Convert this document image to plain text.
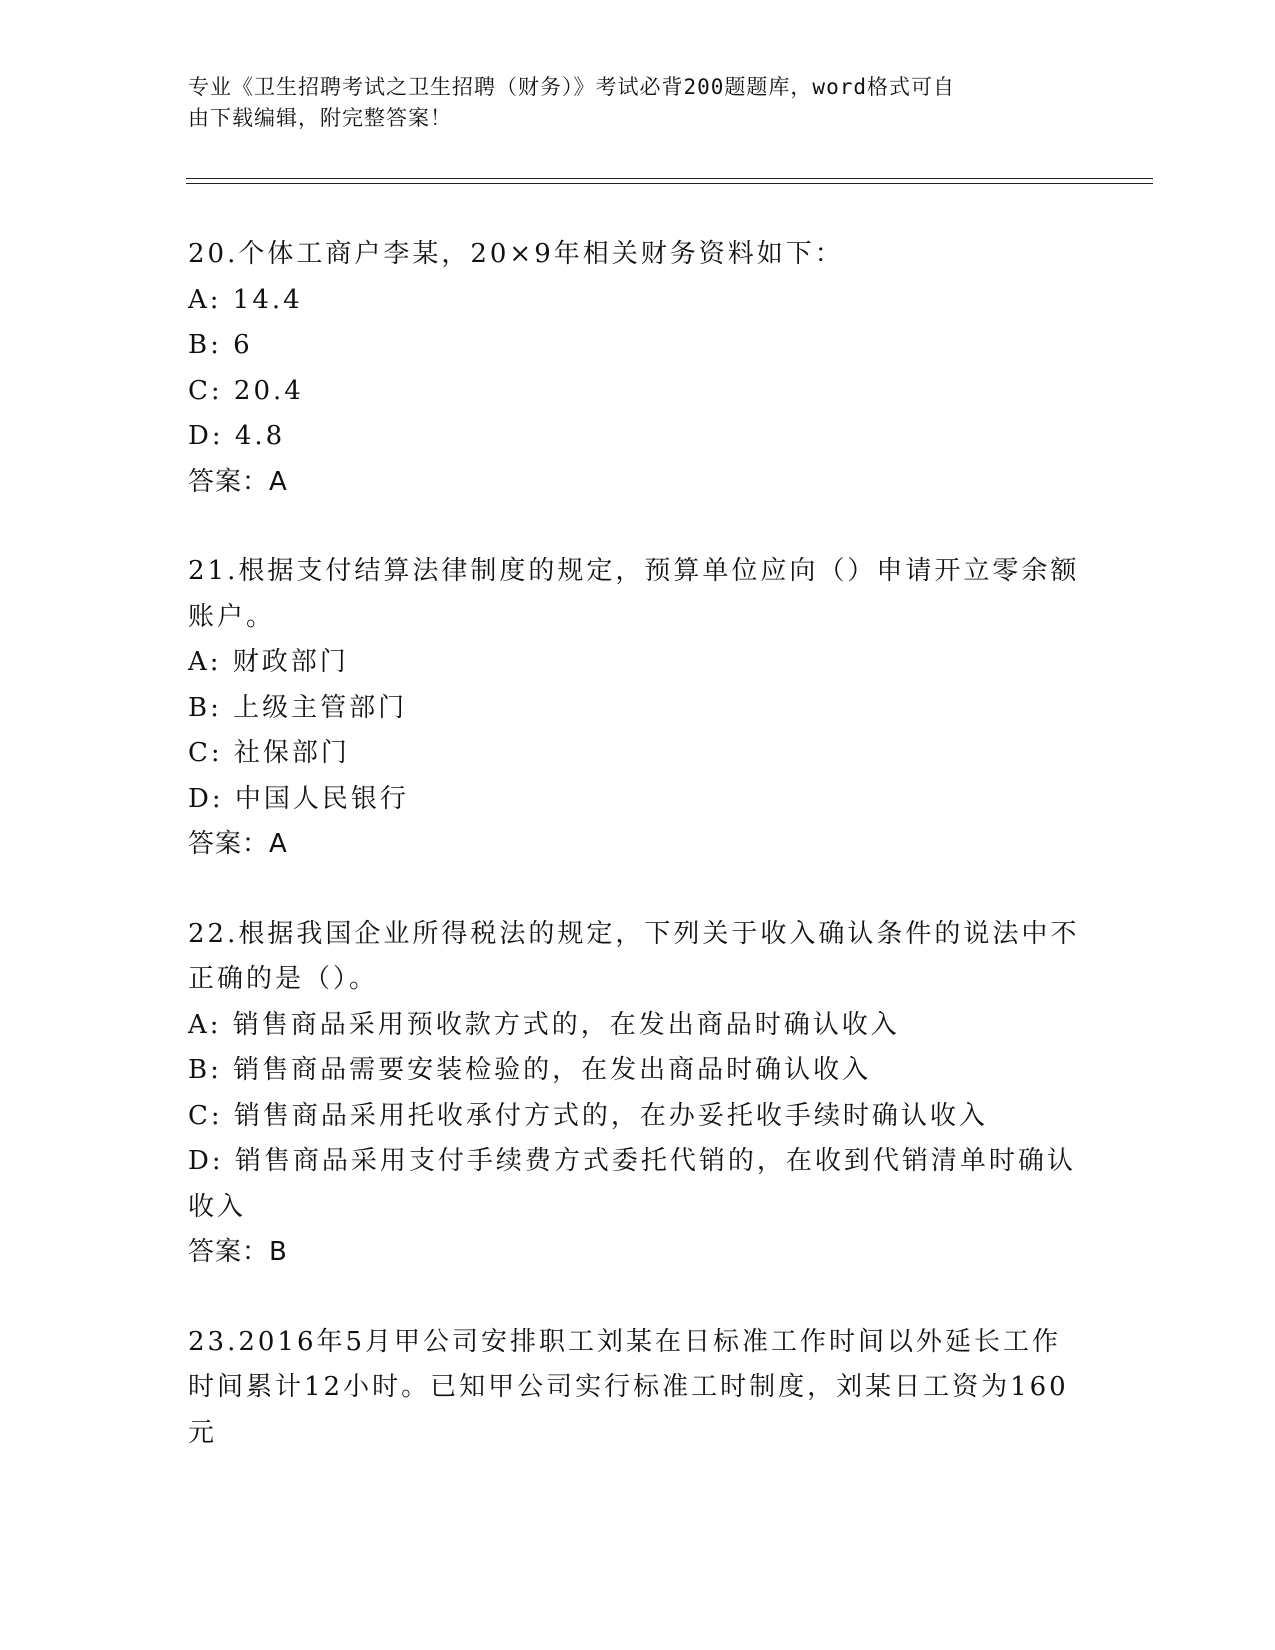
专业《卫生招聘考试之卫生招聘（财务）》考试必背200题题库，word格式可自
由下载编辑，附完整答案！

20.个体工商户李某，20×9年相关财务资料如下：

A: 14.4

B: 6

C: 20.4

D: 4.8

答案：A

21.根据支付结算法律制度的规定，预算单位应向（）申请开立零余额账户。

A: 财政部门

B: 上级主管部门

C: 社保部门

D: 中国人民银行

答案：A

22.根据我国企业所得税法的规定，下列关于收入确认条件的说法中不正确的是（）。

A: 销售商品采用预收款方式的，在发出商品时确认收入

B: 销售商品需要安装检验的，在发出商品时确认收入

C: 销售商品采用托收承付方式的，在办妥托收手续时确认收入

D: 销售商品采用支付手续费方式委托代销的，在收到代销清单时确认收入

答案：B

23.2016年5月甲公司安排职工刘某在日标准工作时间以外延长工作时间累计12小时。已知甲公司实行标准工时制度，刘某日工资为160元
